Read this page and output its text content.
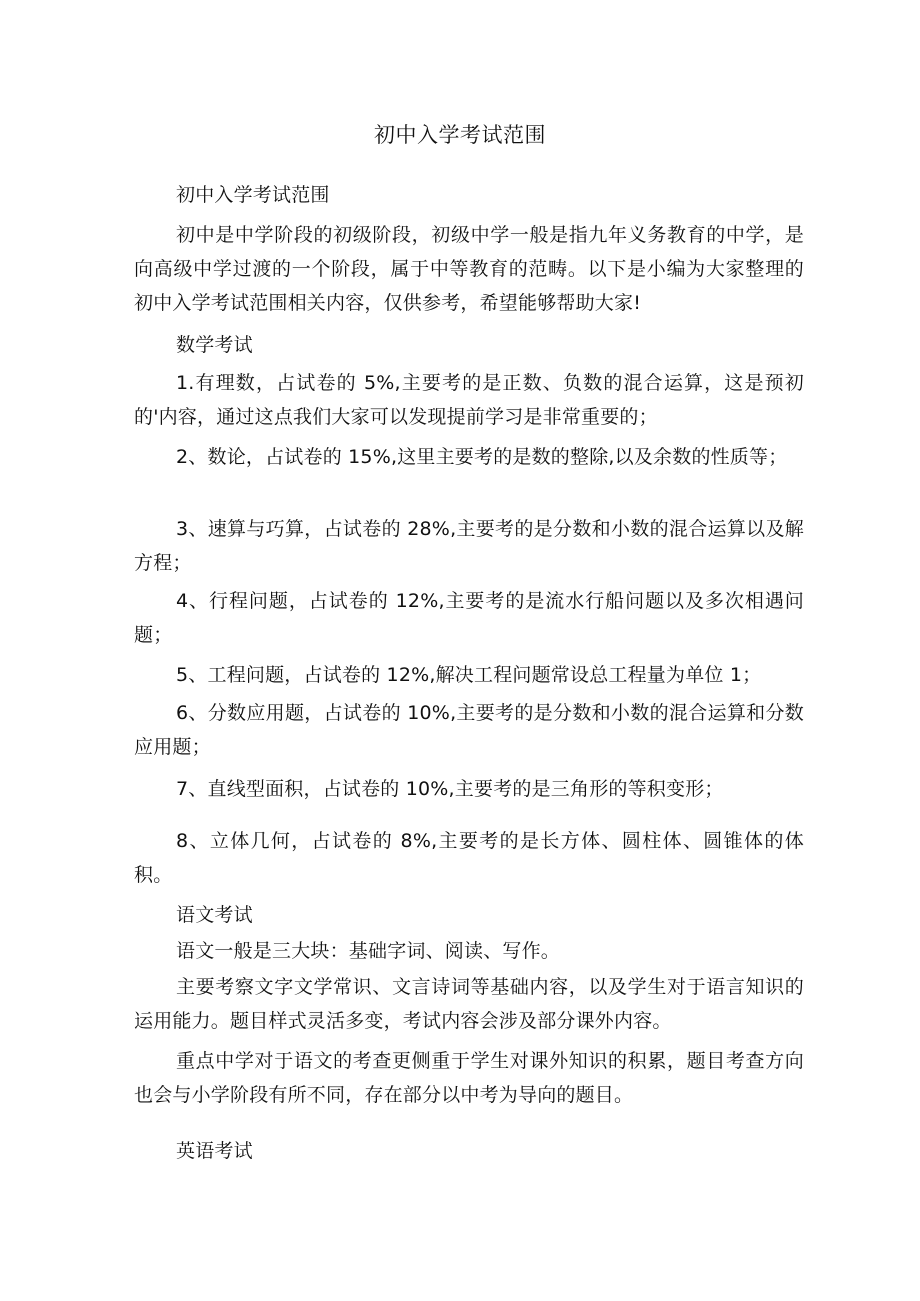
初中入学考试范围

初中入学考试范围

初中是中学阶段的初级阶段，初级中学一般是指九年义务教育的中学，是向高级中学过渡的一个阶段，属于中等教育的范畴。以下是小编为大家整理的初中入学考试范围相关内容，仅供参考，希望能够帮助大家!

数学考试

1.有理数，占试卷的 5%,主要考的是正数、负数的混合运算，这是预初的'内容，通过这点我们大家可以发现提前学习是非常重要的；

2、数论，占试卷的 15%,这里主要考的是数的整除,以及余数的性质等；

3、速算与巧算，占试卷的 28%,主要考的是分数和小数的混合运算以及解方程；

4、行程问题，占试卷的 12%,主要考的是流水行船问题以及多次相遇问题；

5、工程问题，占试卷的 12%,解决工程问题常设总工程量为单位 1；

6、分数应用题，占试卷的 10%,主要考的是分数和小数的混合运算和分数应用题；

7、直线型面积，占试卷的 10%,主要考的是三角形的等积变形；

8、立体几何，占试卷的 8%,主要考的是长方体、圆柱体、圆锥体的体积。

语文考试

语文一般是三大块：基础字词、阅读、写作。

主要考察文字文学常识、文言诗词等基础内容，以及学生对于语言知识的运用能力。题目样式灵活多变，考试内容会涉及部分课外内容。

重点中学对于语文的考查更侧重于学生对课外知识的积累，题目考查方向也会与小学阶段有所不同，存在部分以中考为导向的题目。

英语考试
